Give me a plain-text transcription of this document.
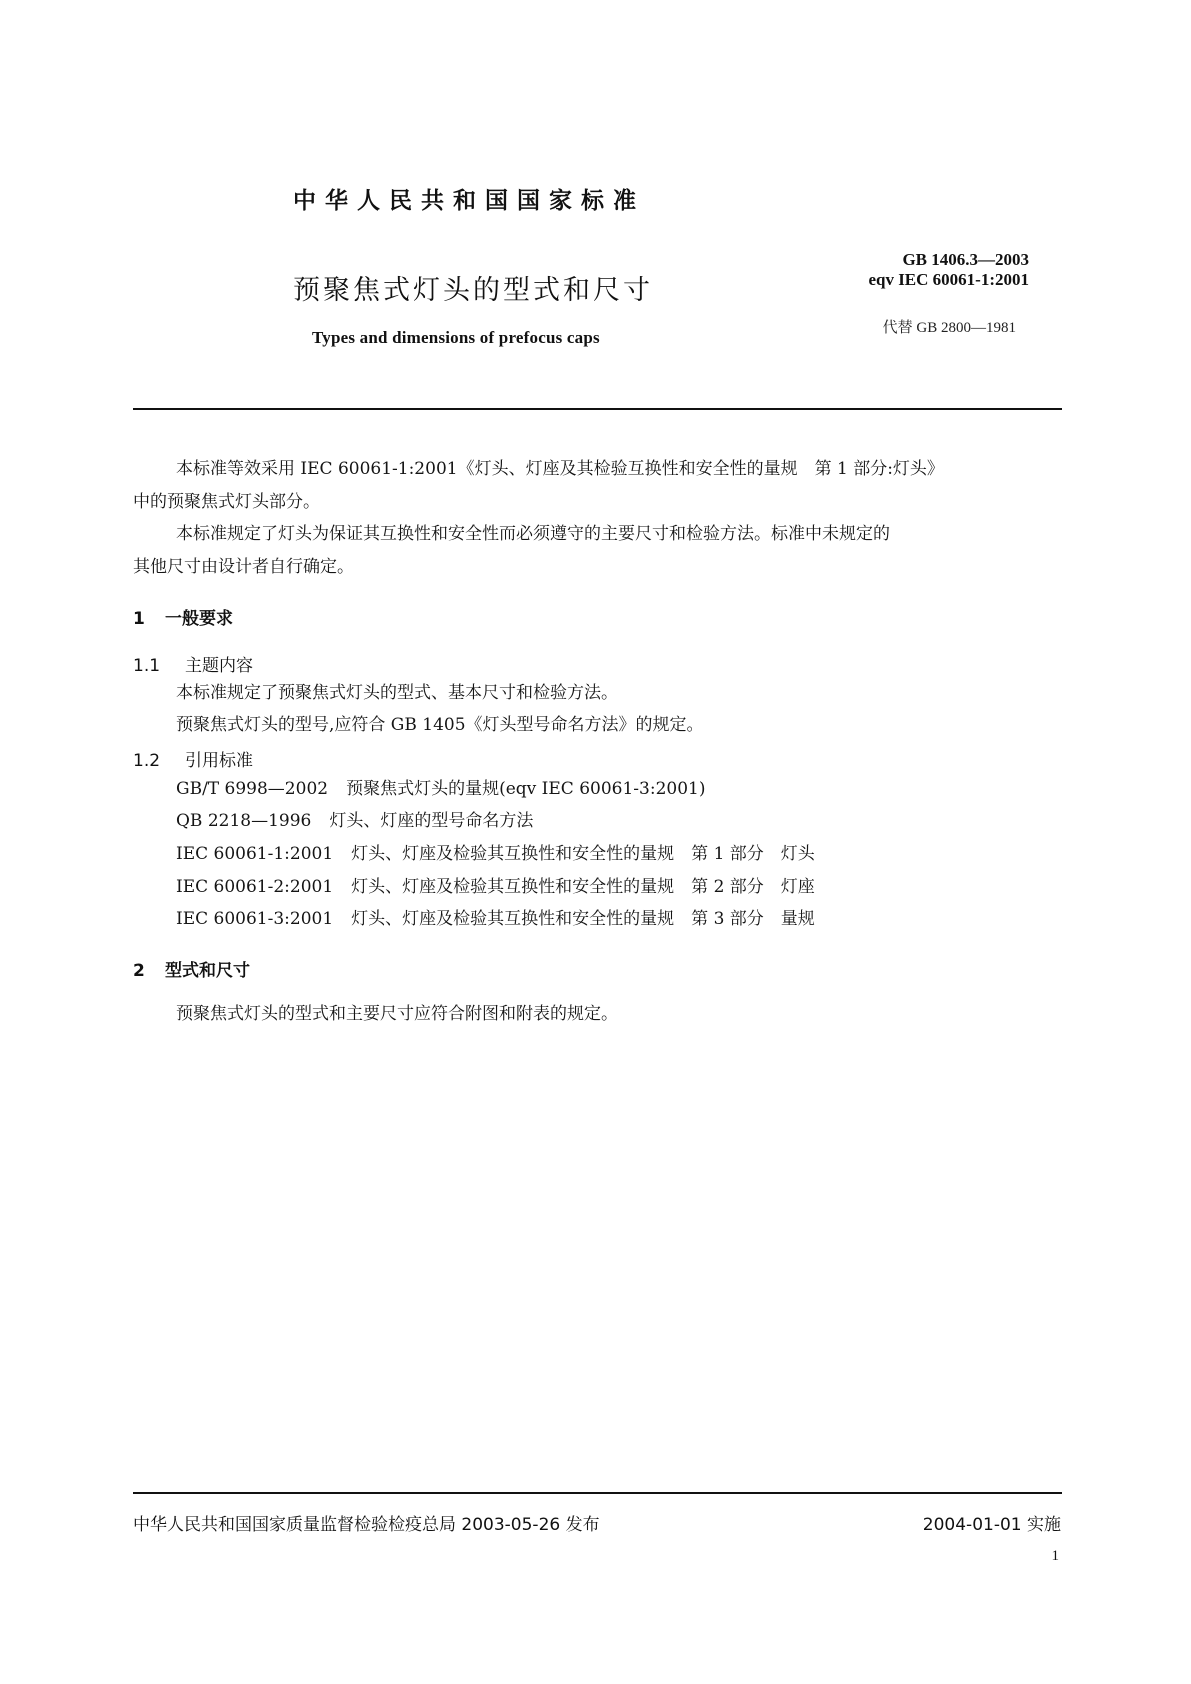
中华人民共和国国家标准
预聚焦式灯头的型式和尺寸
Types and dimensions of prefocus caps
GB 1406.3—2003
eqv IEC 60061-1:2001
代替 GB 2800—1981
本标准等效采用 IEC 60061-1:2001《灯头、灯座及其检验互换性和安全性的量规　第 1 部分:灯头》
中的预聚焦式灯头部分。
本标准规定了灯头为保证其互换性和安全性而必须遵守的主要尺寸和检验方法。标准中未规定的
其他尺寸由设计者自行确定。
1 一般要求
1.1 主题内容
本标准规定了预聚焦式灯头的型式、基本尺寸和检验方法。
预聚焦式灯头的型号,应符合 GB 1405《灯头型号命名方法》的规定。
1.2 引用标准
GB/T 6998—2002 预聚焦式灯头的量规(eqv IEC 60061-3:2001)
QB 2218—1996 灯头、灯座的型号命名方法
IEC 60061-1:2001 灯头、灯座及检验其互换性和安全性的量规　第 1 部分　灯头
IEC 60061-2:2001 灯头、灯座及检验其互换性和安全性的量规　第 2 部分　灯座
IEC 60061-3:2001 灯头、灯座及检验其互换性和安全性的量规　第 3 部分　量规
2 型式和尺寸
预聚焦式灯头的型式和主要尺寸应符合附图和附表的规定。
中华人民共和国国家质量监督检验检疫总局 2003-05-26 发布	2004-01-01 实施
1
